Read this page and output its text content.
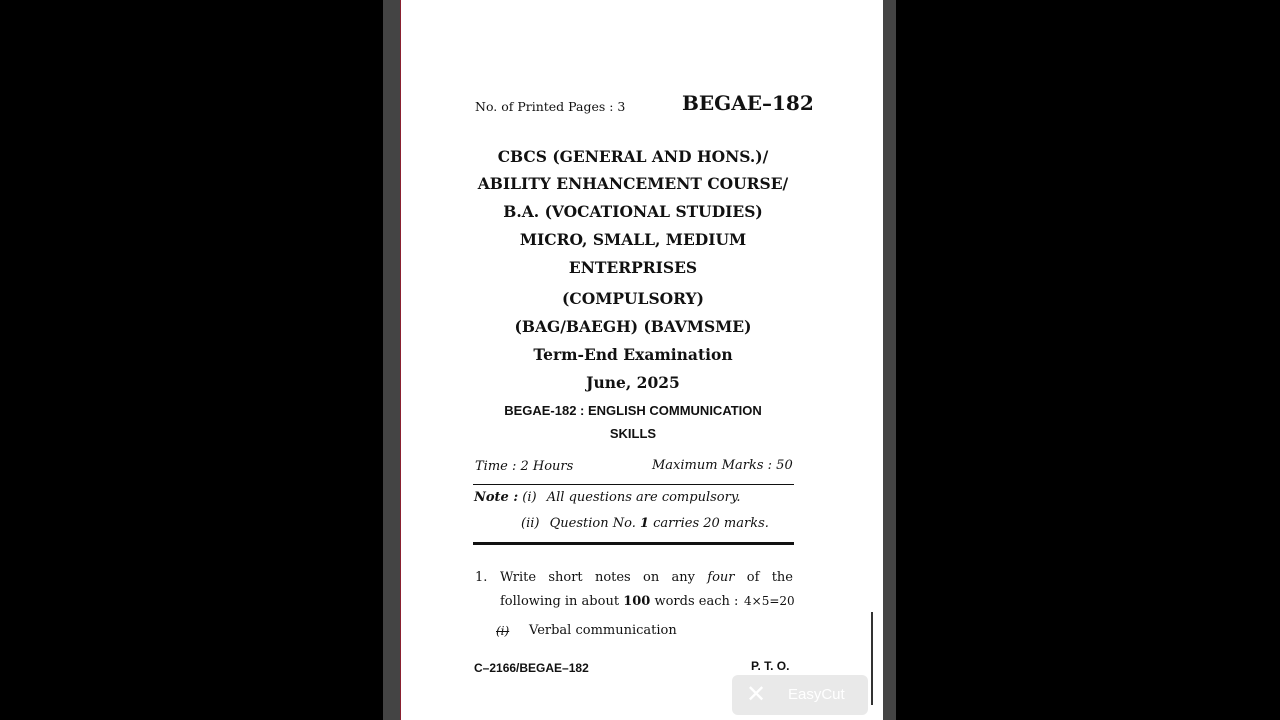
No. of Printed Pages : 3	BEGAE–182
CBCS (GENERAL AND HONS.)/
ABILITY ENHANCEMENT COURSE/
B.A. (VOCATIONAL STUDIES)
MICRO, SMALL, MEDIUM
ENTERPRISES
(COMPULSORY)
(BAG/BAEGH) (BAVMSME)
Term-End Examination
June, 2025
BEGAE-182 : ENGLISH COMMUNICATION
SKILLS
Time : 2 Hours	Maximum Marks : 50
Note : (i) All questions are compulsory.
(ii) Question No. 1 carries 20 marks.
1. Write short notes on any four of the
following in about 100 words each : 4×5=20
(i) Verbal communication
C–2166/BEGAE–182
✕ EasyCut
P. T. O.
